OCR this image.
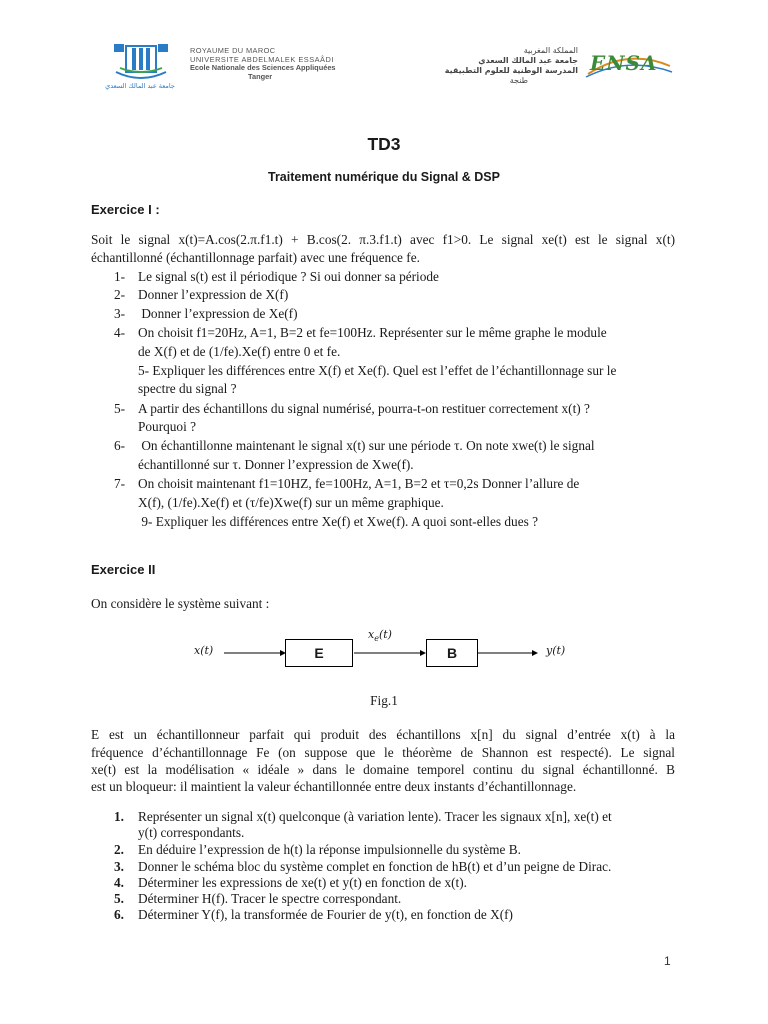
جامعة عبد المالك السعدي
ROYAUME DU MAROC
UNIVERSITE ABDELMALEK ESSAÂDI
Ecole Nationale des Sciences Appliquées
Tanger
المملكة المغربية
جامعة عبد المالك السعدي
المدرسة الوطنية للعلوم التطبيقية
طنجة
ENSA
TD3
Traitement numérique du Signal & DSP
Exercice I :
Soit le signal x(t)=A.cos(2.π.f1.t) + B.cos(2. π.3.f1.t) avec f1>0. Le signal xe(t) est le signal x(t)
échantillonné (échantillonnage parfait) avec une fréquence fe.
1- Le signal s(t) est il périodique ? Si oui donner sa période
2- Donner l’expression de X(f)
3- Donner l’expression de Xe(f)
4- On choisit f1=20Hz, A=1, B=2 et fe=100Hz. Représenter sur le même graphe le module
de X(f) et de (1/fe).Xe(f) entre 0 et fe.
5- Expliquer les différences entre X(f) et Xe(f). Quel est l’effet de l’échantillonnage sur le
spectre du signal ?
5- A partir des échantillons du signal numérisé, pourra-t-on restituer correctement x(t) ?
Pourquoi ?
6- On échantillonne maintenant le signal x(t) sur une période τ. On note xwe(t) le signal
échantillonné sur τ. Donner l’expression de Xwe(f).
7- On choisit maintenant f1=10HZ, fe=100Hz, A=1, B=2 et τ=0,2s Donner l’allure de
X(f), (1/fe).Xe(f) et (τ/fe)Xwe(f) sur un même graphique.
9- Expliquer les différences entre Xe(f) et Xwe(f). A quoi sont-elles dues ?
Exercice II
On considère le système suivant :
x(t)	E
$x_e(t)$
B	y(t)
Fig.1
E est un échantillonneur parfait qui produit des échantillons x[n] du signal d’entrée x(t) à la
fréquence d’échantillonnage Fe (on suppose que le théorème de Shannon est respecté). Le signal
xe(t) est la modélisation « idéale » dans le domaine temporel continu du signal échantillonné. B
est un bloqueur: il maintient la valeur échantillonnée entre deux instants d’échantillonnage.
1. Représenter un signal x(t) quelconque (à variation lente). Tracer les signaux x[n], xe(t) et
y(t) correspondants.
2. En déduire l’expression de h(t) la réponse impulsionnelle du système B.
3. Donner le schéma bloc du système complet en fonction de hB(t) et d’un peigne de Dirac.
4. Déterminer les expressions de xe(t) et y(t) en fonction de x(t).
5. Déterminer H(f). Tracer le spectre correspondant.
6. Déterminer Y(f), la transformée de Fourier de y(t), en fonction de X(f)
1
